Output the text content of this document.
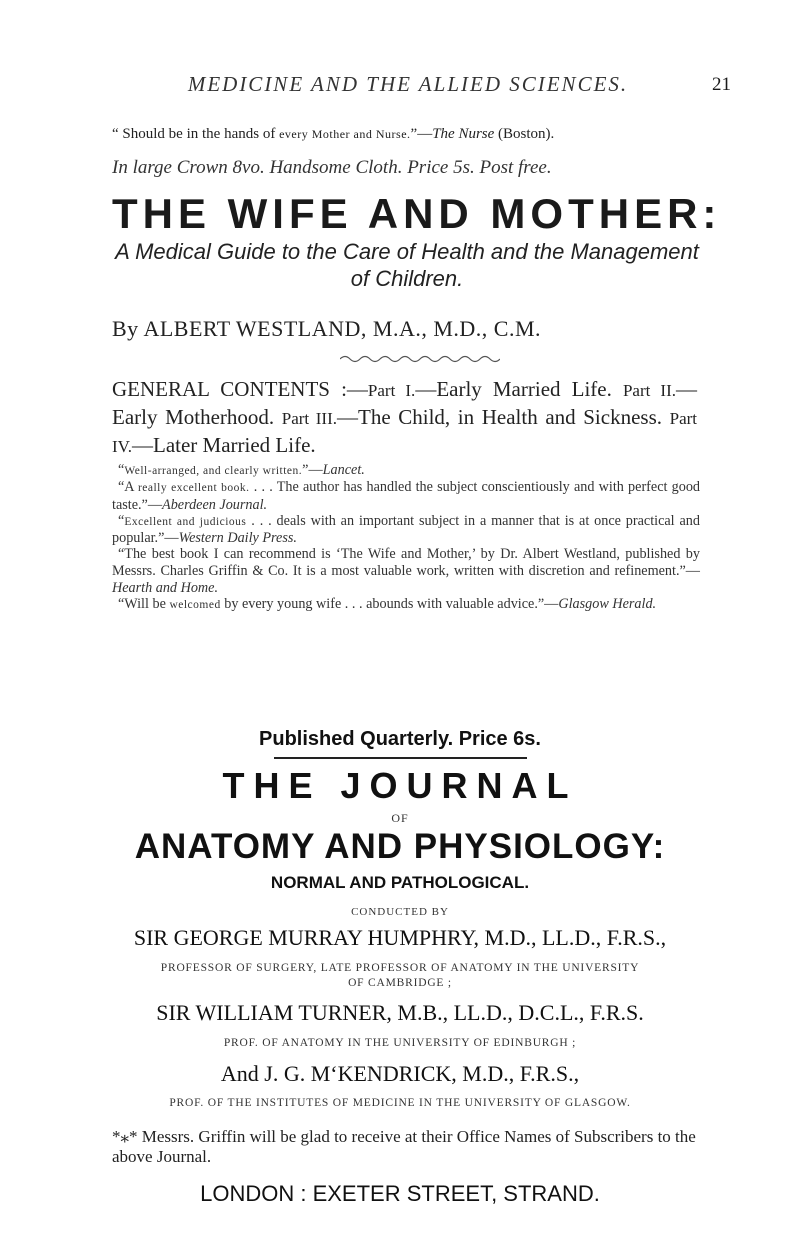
MEDICINE AND THE ALLIED SCIENCES.	21
“ Should be in the hands of every Mother and Nurse.”—The Nurse (Boston).
In large Crown 8vo. Handsome Cloth. Price 5s. Post free.
THE WIFE AND MOTHER:
A Medical Guide to the Care of Health and the Management of Children.
By ALBERT WESTLAND, M.A., M.D., C.M.
GENERAL CONTENTS :—Part I.—Early Married Life. Part II.—Early Motherhood. Part III.—The Child, in Health and Sickness. Part IV.—Later Married Life.

“Well-arranged, and clearly written.”—Lancet.

“A really excellent book. . . . The author has handled the subject conscientiously and with perfect good taste.”—Aberdeen Journal.

“Excellent and judicious . . . deals with an important subject in a manner that is at once practical and popular.”—Western Daily Press.

“The best book I can recommend is ‘The Wife and Mother,’ by Dr. Albert Westland, published by Messrs. Charles Griffin & Co. It is a most valuable work, written with discretion and refinement.”—Hearth and Home.

“Will be welcomed by every young wife . . . abounds with valuable advice.”—Glasgow Herald.

Published Quarterly. Price 6s.
THE JOURNAL
OF
ANATOMY AND PHYSIOLOGY:
NORMAL AND PATHOLOGICAL.
CONDUCTED BY
SIR GEORGE MURRAY HUMPHRY, M.D., LL.D., F.R.S.,
PROFESSOR OF SURGERY, LATE PROFESSOR OF ANATOMY IN THE UNIVERSITY OF CAMBRIDGE ;
SIR WILLIAM TURNER, M.B., LL.D., D.C.L., F.R.S.
PROF. OF ANATOMY IN THE UNIVERSITY OF EDINBURGH ;
And J. G. M‘KENDRICK, M.D., F.R.S.,
PROF. OF THE INSTITUTES OF MEDICINE IN THE UNIVERSITY OF GLASGOW.
*⁎* Messrs. Griffin will be glad to receive at their Office Names of Subscribers to the above Journal.
LONDON : EXETER STREET, STRAND.
